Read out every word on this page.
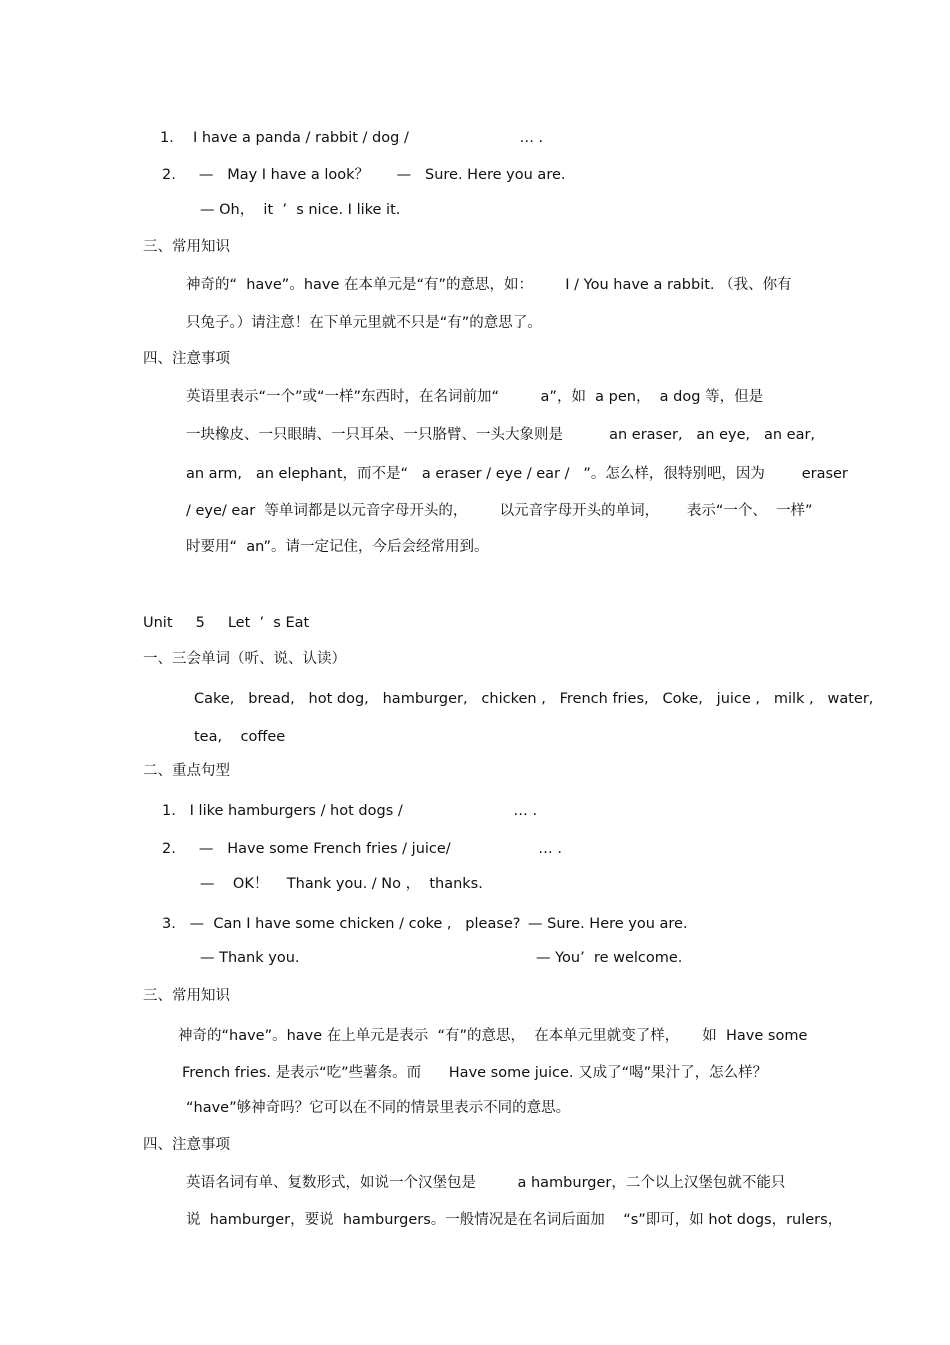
1．  I have a panda / rabbit / dog /                        … .
2.     —   May I have a look？      —   Sure. Here you are.
— Oh，  it  ’  s nice. I like it.
三、常用知识
神奇的“  have”。have 在本单元是“有”的意思，如：       I / You have a rabbit. （我、你有
只兔子。）请注意！在下单元里就不只是“有”的意思了。
四、注意事项
英语里表示“一个”或“一样”东西时，在名词前加“         a”，如  a pen，  a dog 等，但是
一块橡皮、一只眼睛、一只耳朵、一只胳臂、一头大象则是          an eraser,   an eye,   an ear,
an arm,   an elephant，而不是“   a eraser / eye / ear /   ”。怎么样，很特别吧，因为        eraser
/ eye/ ear  等单词都是以元音字母开头的，       以元音字母开头的单词，      表示“一个、  一样”
时要用“  an”。请一定记住，今后会经常用到。
Unit     5     Let  ’  s Eat
一、三会单词（听、说、认读）
Cake,   bread,   hot dog,   hamburger,   chicken ,   French fries,   Coke,   juice ,   milk ,   water,
tea,    coffee
二、重点句型
1.   I like hamburgers / hot dogs /                        … .
2.     —   Have some French fries / juice/                   … .
—    OK！    Thank you. / No ，  thanks.
3.   —  Can I have some chicken / coke ,   please? — Sure. Here you are.
— Thank you.	— You’  re welcome.
三、常用知识
神奇的“have”。have 在上单元是表示  “有”的意思，  在本单元里就变了样，     如  Have some
French fries. 是表示“吃”些薯条。而      Have some juice. 又成了“喝”果汁了，怎么样？
“have”够神奇吗？它可以在不同的情景里表示不同的意思。
四、注意事项
英语名词有单、复数形式，如说一个汉堡包是         a hamburger，二个以上汉堡包就不能只
说  hamburger，要说  hamburgers。一般情况是在名词后面加    “s”即可，如 hot dogs，rulers，
